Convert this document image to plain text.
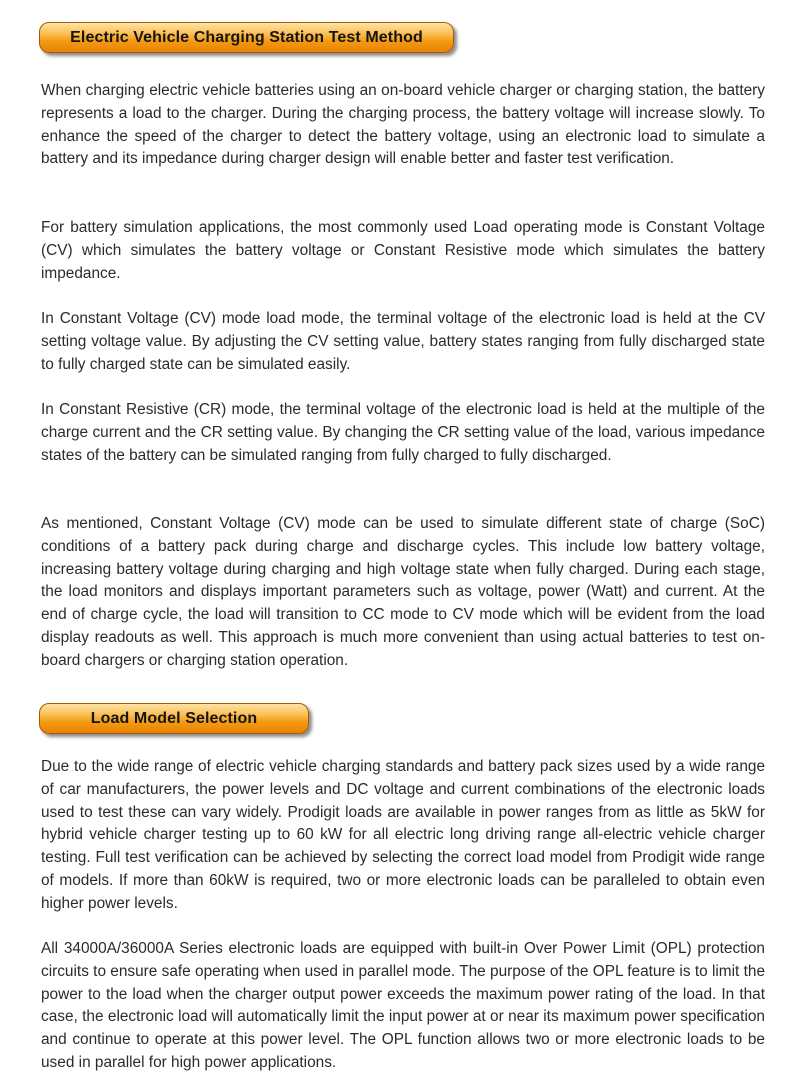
Electric Vehicle Charging Station Test Method

When charging electric vehicle batteries using an on-board vehicle charger or charging station, the battery represents a load to the charger. During the charging process, the battery voltage will increase slowly. To enhance the speed of the charger to detect the battery voltage, using an electronic load to simulate a battery and its impedance during charger design will enable better and faster test verification.

For battery simulation applications, the most commonly used Load operating mode is Constant Voltage (CV) which simulates the battery voltage or Constant Resistive mode which simulates the battery impedance.

In Constant Voltage (CV) mode load mode, the terminal voltage of the electronic load is held at the CV setting voltage value. By adjusting the CV setting value, battery states ranging from fully discharged state to fully charged state can be simulated easily.

In Constant Resistive (CR) mode, the terminal voltage of the electronic load is held at the multiple of the charge current and the CR setting value. By changing the CR setting value of the load, various impedance states of the battery can be simulated ranging from fully charged to fully discharged.

As mentioned, Constant Voltage (CV) mode can be used to simulate different state of charge (SoC) conditions of a battery pack during charge and discharge cycles. This include low battery voltage, increasing battery voltage during charging and high voltage state when fully charged. During each stage, the load monitors and displays important parameters such as voltage, power (Watt) and current. At the end of charge cycle, the load will transition to CC mode to CV mode which will be evident from the load display readouts as well. This approach is much more convenient than using actual batteries to test on-board chargers or charging station operation.

Load Model Selection

Due to the wide range of electric vehicle charging standards and battery pack sizes used by a wide range of car manufacturers, the power levels and DC voltage and current combinations of the electronic loads used to test these can vary widely. Prodigit loads are available in power ranges from as little as 5kW for hybrid vehicle charger testing up to 60 kW for all electric long driving range all-electric vehicle charger testing. Full test verification can be achieved by selecting the correct load model from Prodigit wide range of models. If more than 60kW is required, two or more electronic loads can be paralleled to obtain even higher power levels.

All 34000A/36000A Series electronic loads are equipped with built-in Over Power Limit (OPL) protection circuits to ensure safe operating when used in parallel mode. The purpose of the OPL feature is to limit the power to the load when the charger output power exceeds the maximum power rating of the load. In that case, the electronic load will automatically limit the input power at or near its maximum power specification and continue to operate at this power level. The OPL function allows two or more electronic loads to be used in parallel for high power applications.
